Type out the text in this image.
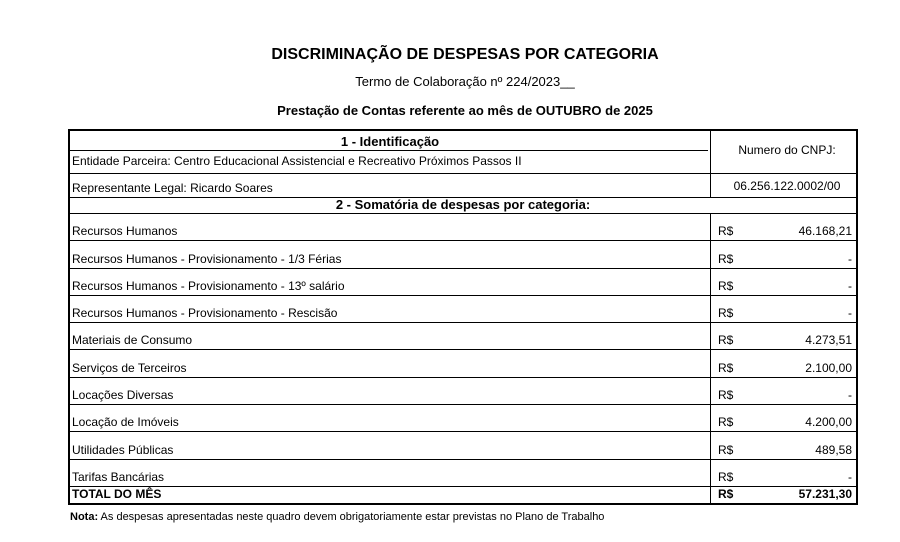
DISCRIMINAÇÃO DE DESPESAS POR CATEGORIA
Termo de Colaboração nº 224/2023__
Prestação de Contas referente ao mês de OUTUBRO de 2025
1 - Identificação
Entidade Parceira: Centro Educacional Assistencial e Recreativo Próximos Passos II
Numero do CNPJ:
Representante Legal: Ricardo Soares	06.256.122.0002/00
2 - Somatória de despesas por categoria:
Recursos Humanos	R$	46.168,21
Recursos Humanos - Provisionamento - 1/3 Férias	R$	-
Recursos Humanos - Provisionamento - 13º salário	R$	-
Recursos Humanos - Provisionamento - Rescisão	R$	-
Materiais de Consumo	R$	4.273,51
Serviços de Terceiros	R$	2.100,00
Locações Diversas	R$	-
Locação de Imóveis	R$	4.200,00
Utilidades Públicas	R$	489,58
Tarifas Bancárias	R$	-
TOTAL DO MÊS	R$	57.231,30
Nota: As despesas apresentadas neste quadro devem obrigatoriamente estar previstas no Plano de Trabalho
